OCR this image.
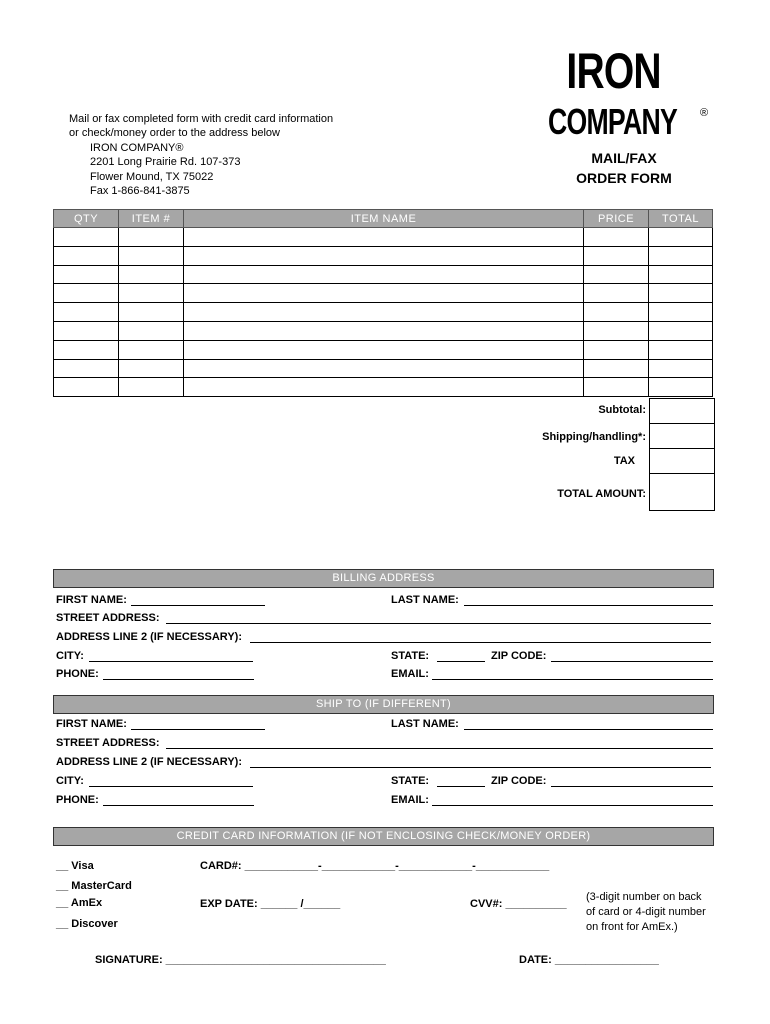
Mail or fax completed form with credit card information
or check/money order to the address below
IRON COMPANY®
2201 Long Prairie Rd. 107-373
Flower Mound, TX 75022
Fax 1-866-841-3875
IRON
COMPANY ®
MAIL/FAX
ORDER FORM
QTY	ITEM #	ITEM NAME	PRICE	TOTAL

Subtotal:
Shipping/handling*:
TAX
TOTAL AMOUNT:
BILLING ADDRESS
FIRST NAME:	LAST NAME:
STREET ADDRESS:
ADDRESS LINE 2 (IF NECESSARY):
CITY:	STATE:	ZIP CODE:
PHONE:	EMAIL:
SHIP TO (IF DIFFERENT)
FIRST NAME:	LAST NAME:
STREET ADDRESS:
ADDRESS LINE 2 (IF NECESSARY):
CITY:	STATE:	ZIP CODE:
PHONE:	EMAIL:
CREDIT CARD INFORMATION (IF NOT ENCLOSING CHECK/MONEY ORDER)
__ Visa
__ MasterCard
__ AmEx
__ Discover
CARD#: ____________-____________-____________-____________
EXP DATE: ______ /______	CVV#: __________
(3-digit number on back
of card or 4-digit number
on front for AmEx.)
SIGNATURE: ____________________________________	DATE: _________________
